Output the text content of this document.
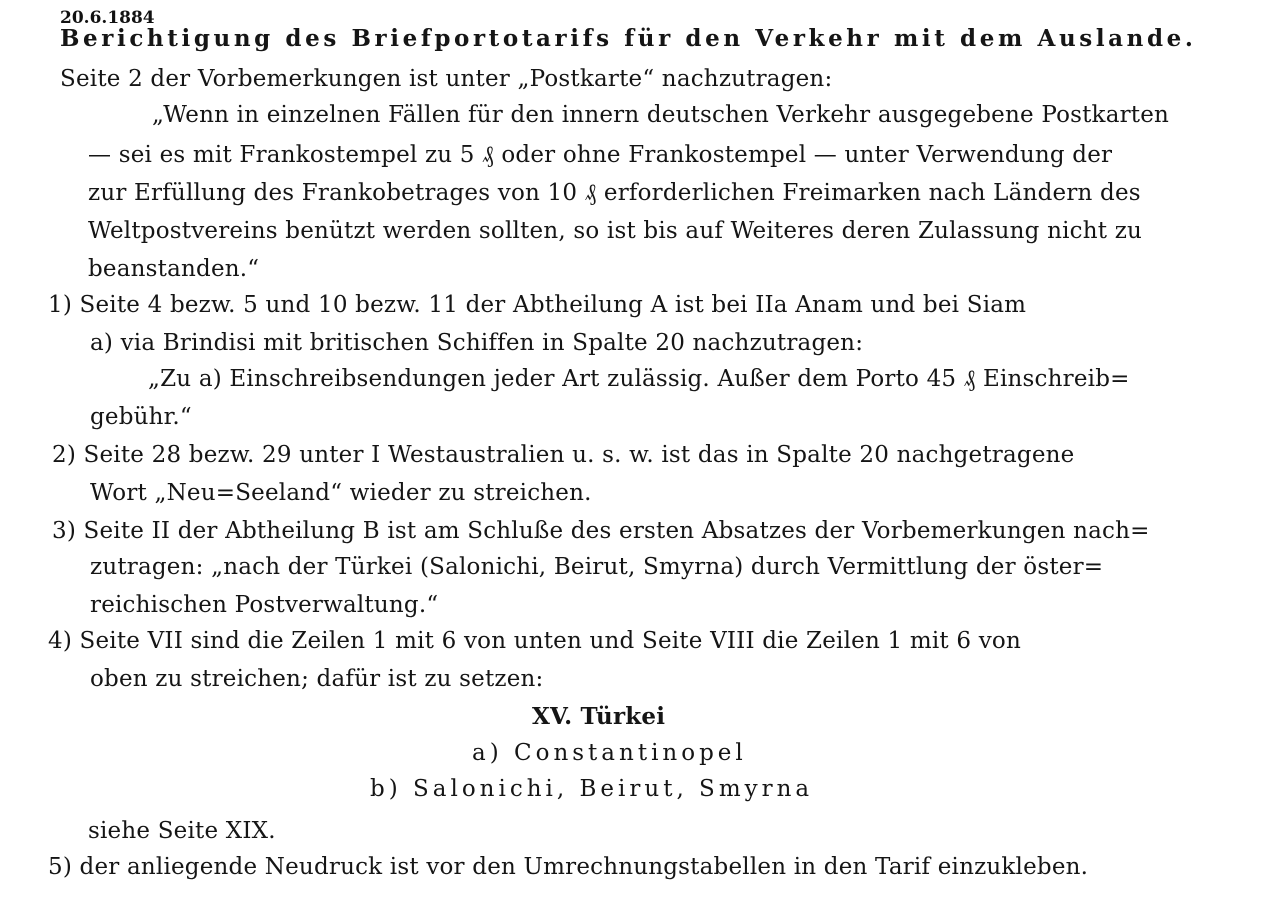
20.6.1884
Berichtigung des Briefportotarifs für den Verkehr mit dem Auslande.
Seite 2 der Vorbemerkungen ist unter „Postkarte“ nachzutragen:
„Wenn in einzelnen Fällen für den innern deutschen Verkehr ausgegebene Postkarten
— sei es mit Frankostempel zu 5 ₰ oder ohne Frankostempel — unter Verwendung der
zur Erfüllung des Frankobetrages von 10 ₰ erforderlichen Freimarken nach Ländern des
Weltpostvereins benützt werden sollten, so ist bis auf Weiteres deren Zulassung nicht zu
beanstanden.“
1) Seite 4 bezw. 5 und 10 bezw. 11 der Abtheilung A ist bei IIa Anam und bei Siam
a) via Brindisi mit britischen Schiffen in Spalte 20 nachzutragen:
„Zu a) Einschreibsendungen jeder Art zulässig. Außer dem Porto 45 ₰ Einschreib=
gebühr.“
2) Seite 28 bezw. 29 unter I Westaustralien u. s. w. ist das in Spalte 20 nachgetragene
Wort „Neu=Seeland“ wieder zu streichen.
3) Seite II der Abtheilung B ist am Schluße des ersten Absatzes der Vorbemerkungen nach=
zutragen: „nach der Türkei (Salonichi, Beirut, Smyrna) durch Vermittlung der öster=
reichischen Postverwaltung.“
4) Seite VII sind die Zeilen 1 mit 6 von unten und Seite VIII die Zeilen 1 mit 6 von
oben zu streichen; dafür ist zu setzen:
XV. Türkei
a) Constantinopel
b) Salonichi, Beirut, Smyrna
siehe Seite XIX.
5) der anliegende Neudruck ist vor den Umrechnungstabellen in den Tarif einzukleben.
